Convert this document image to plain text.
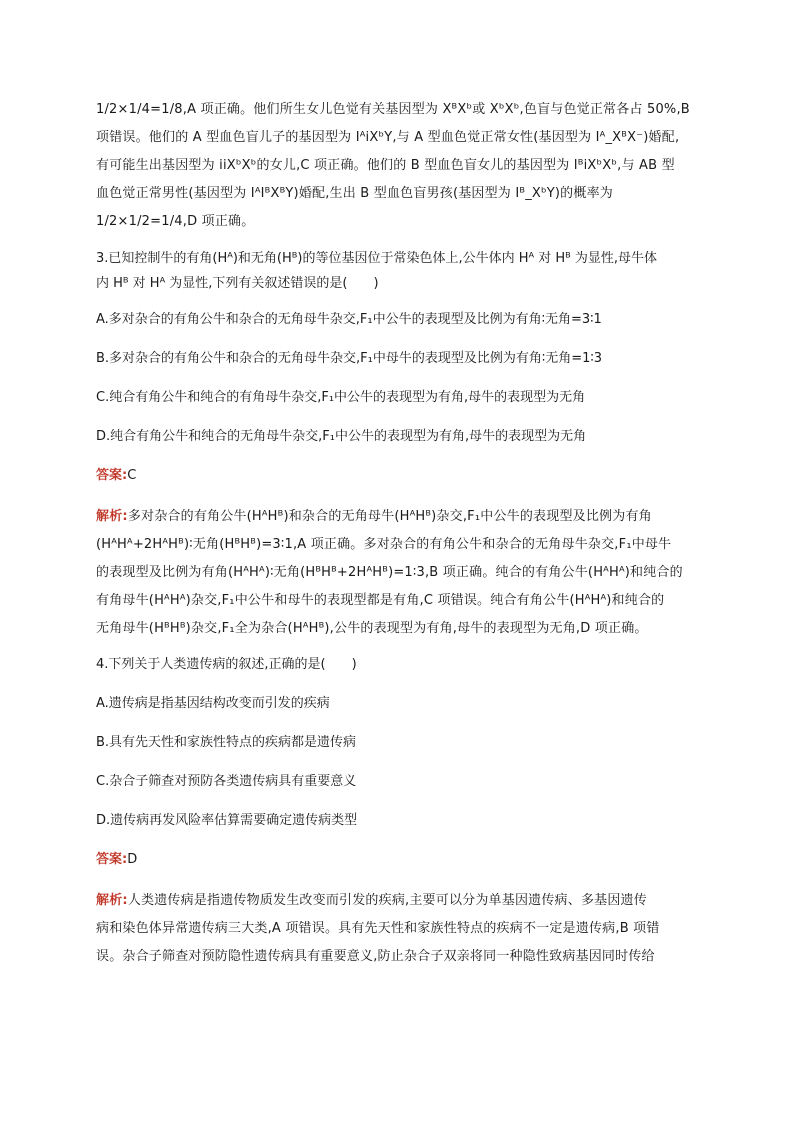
1/2×1/4=1/8,A 项正确。他们所生女儿色觉有关基因型为 XᴮXᵇ或 XᵇXᵇ,色盲与色觉正常各占 50%,B

项错误。他们的 A 型血色盲儿子的基因型为 IᴬiXᵇY,与 A 型血色觉正常女性(基因型为 Iᴬ_XᴮX⁻)婚配,

有可能生出基因型为 iiXᵇXᵇ的女儿,C 项正确。他们的 B 型血色盲女儿的基因型为 IᴮiXᵇXᵇ,与 AB 型

血色觉正常男性(基因型为 IᴬIᴮXᴮY)婚配,生出 B 型血色盲男孩(基因型为 Iᴮ_XᵇY)的概率为

1/2×1/2=1/4,D 项正确。

3.已知控制牛的有角(Hᴬ)和无角(Hᴮ)的等位基因位于常染色体上,公牛体内 Hᴬ 对 Hᴮ 为显性,母牛体
内 Hᴮ 对 Hᴬ 为显性,下列有关叙述错误的是(　　)

A.多对杂合的有角公牛和杂合的无角母牛杂交,F₁中公牛的表现型及比例为有角∶无角=3∶1

B.多对杂合的有角公牛和杂合的无角母牛杂交,F₁中母牛的表现型及比例为有角∶无角=1∶3

C.纯合有角公牛和纯合的有角母牛杂交,F₁中公牛的表现型为有角,母牛的表现型为无角

D.纯合有角公牛和纯合的无角母牛杂交,F₁中公牛的表现型为有角,母牛的表现型为无角

答案:C

解析:多对杂合的有角公牛(HᴬHᴮ)和杂合的无角母牛(HᴬHᴮ)杂交,F₁中公牛的表现型及比例为有角

(HᴬHᴬ+2HᴬHᴮ)∶无角(HᴮHᴮ)=3∶1,A 项正确。多对杂合的有角公牛和杂合的无角母牛杂交,F₁中母牛

的表现型及比例为有角(HᴬHᴬ)∶无角(HᴮHᴮ+2HᴬHᴮ)=1∶3,B 项正确。纯合的有角公牛(HᴬHᴬ)和纯合的

有角母牛(HᴬHᴬ)杂交,F₁中公牛和母牛的表现型都是有角,C 项错误。纯合有角公牛(HᴬHᴬ)和纯合的

无角母牛(HᴮHᴮ)杂交,F₁全为杂合(HᴬHᴮ),公牛的表现型为有角,母牛的表现型为无角,D 项正确。

4.下列关于人类遗传病的叙述,正确的是(　　)

A.遗传病是指基因结构改变而引发的疾病

B.具有先天性和家族性特点的疾病都是遗传病

C.杂合子筛查对预防各类遗传病具有重要意义

D.遗传病再发风险率估算需要确定遗传病类型

答案:D

解析:人类遗传病是指遗传物质发生改变而引发的疾病,主要可以分为单基因遗传病、多基因遗传

病和染色体异常遗传病三大类,A 项错误。具有先天性和家族性特点的疾病不一定是遗传病,B 项错

误。杂合子筛查对预防隐性遗传病具有重要意义,防止杂合子双亲将同一种隐性致病基因同时传给
